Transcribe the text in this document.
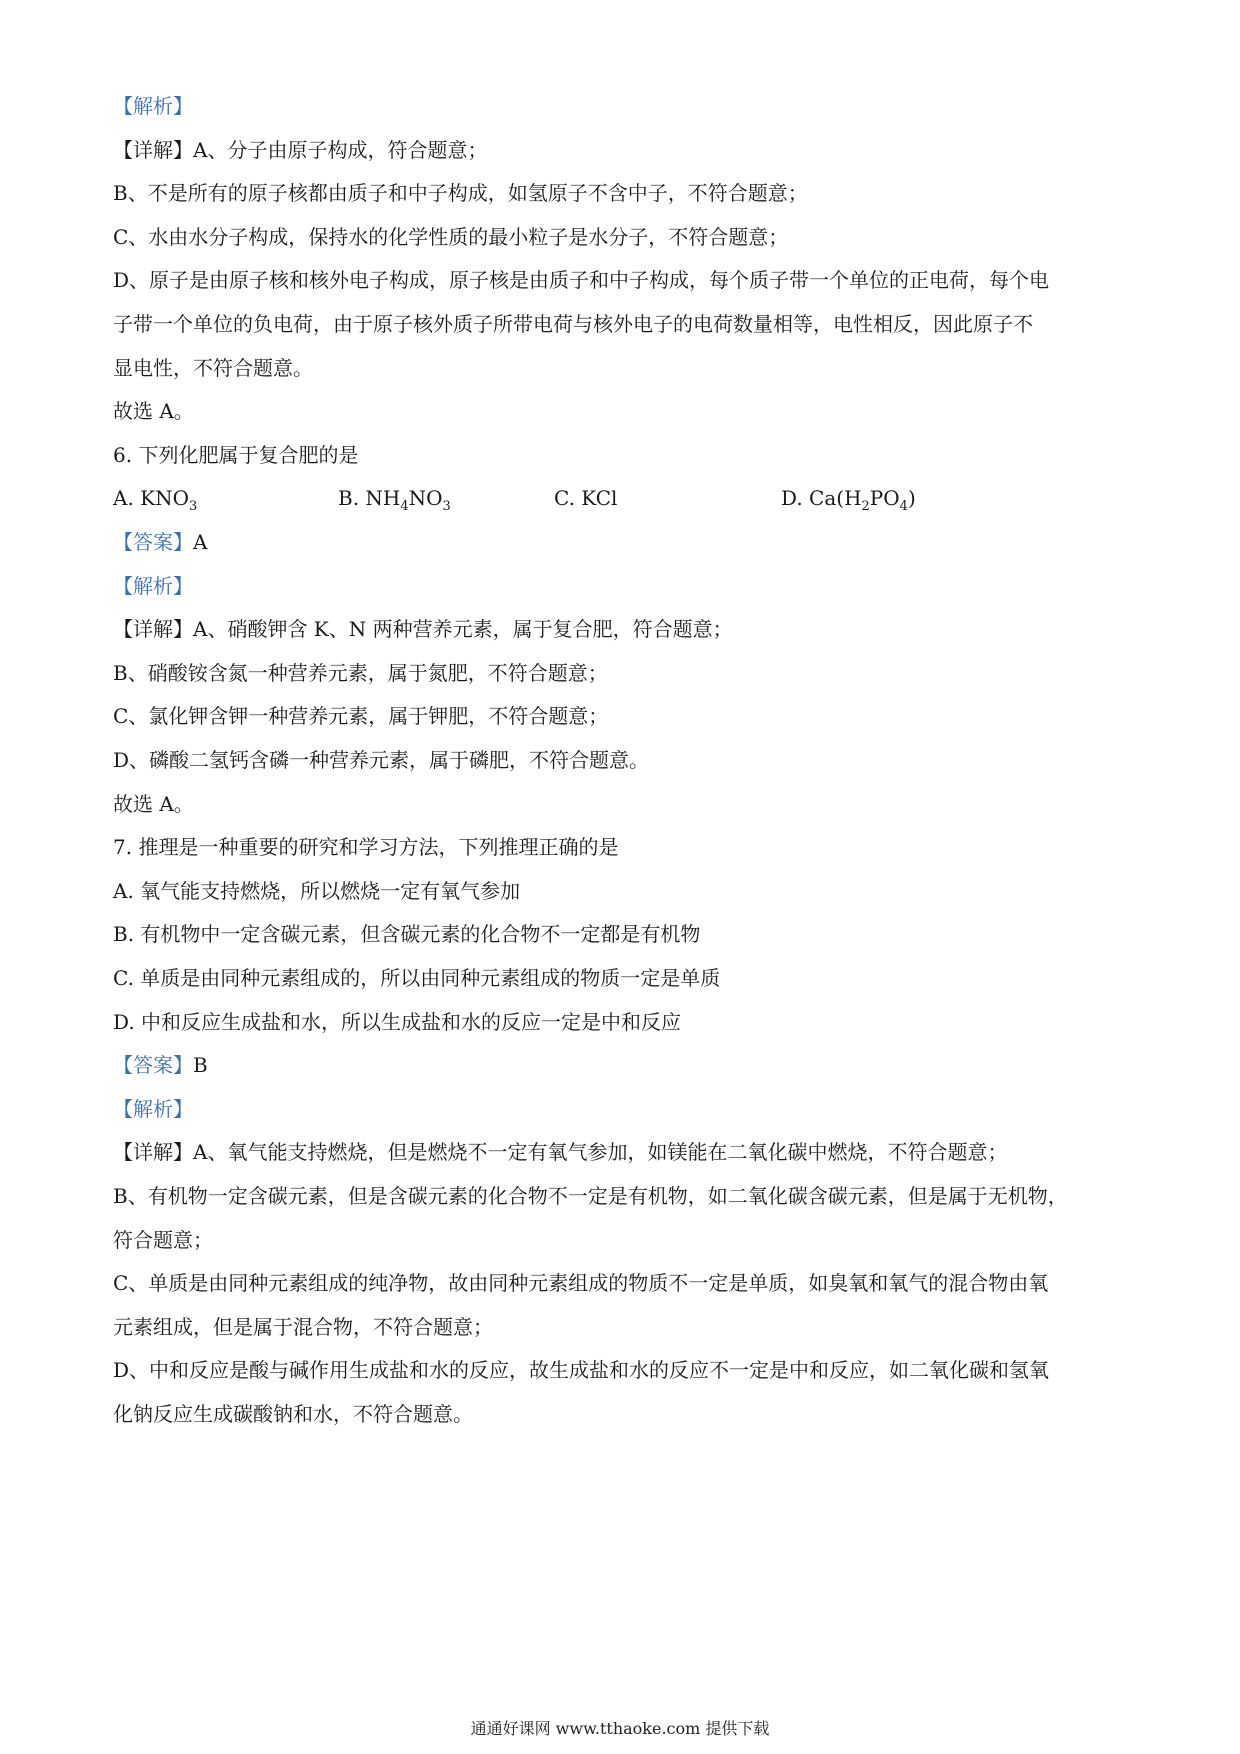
【解析】
【详解】A、分子由原子构成，符合题意；
B、不是所有的原子核都由质子和中子构成，如氢原子不含中子，不符合题意；
C、水由水分子构成，保持水的化学性质的最小粒子是水分子，不符合题意；
D、原子是由原子核和核外电子构成，原子核是由质子和中子构成，每个质子带一个单位的正电荷，每个电
子带一个单位的负电荷，由于原子核外质子所带电荷与核外电子的电荷数量相等，电性相反，因此原子不
显电性，不符合题意。
故选 A。
6. 下列化肥属于复合肥的是
A. $KNO_3$	B. $NH_4NO_3$	C. KCl	D. $Ca(H_2PO_4)$
【答案】A
【解析】
【详解】A、硝酸钾含 K、N 两种营养元素，属于复合肥，符合题意；
B、硝酸铵含氮一种营养元素，属于氮肥，不符合题意；
C、氯化钾含钾一种营养元素，属于钾肥，不符合题意；
D、磷酸二氢钙含磷一种营养元素，属于磷肥，不符合题意。
故选 A。
7. 推理是一种重要的研究和学习方法，下列推理正确的是
A. 氧气能支持燃烧，所以燃烧一定有氧气参加
B. 有机物中一定含碳元素，但含碳元素的化合物不一定都是有机物
C. 单质是由同种元素组成的，所以由同种元素组成的物质一定是单质
D. 中和反应生成盐和水，所以生成盐和水的反应一定是中和反应
【答案】B
【解析】
【详解】A、氧气能支持燃烧，但是燃烧不一定有氧气参加，如镁能在二氧化碳中燃烧，不符合题意；
B、有机物一定含碳元素，但是含碳元素的化合物不一定是有机物，如二氧化碳含碳元素，但是属于无机物，
符合题意；
C、单质是由同种元素组成的纯净物，故由同种元素组成的物质不一定是单质，如臭氧和氧气的混合物由氧
元素组成，但是属于混合物，不符合题意；
D、中和反应是酸与碱作用生成盐和水的反应，故生成盐和水的反应不一定是中和反应，如二氧化碳和氢氧
化钠反应生成碳酸钠和水，不符合题意。
通通好课网 www.tthaoke.com 提供下载
